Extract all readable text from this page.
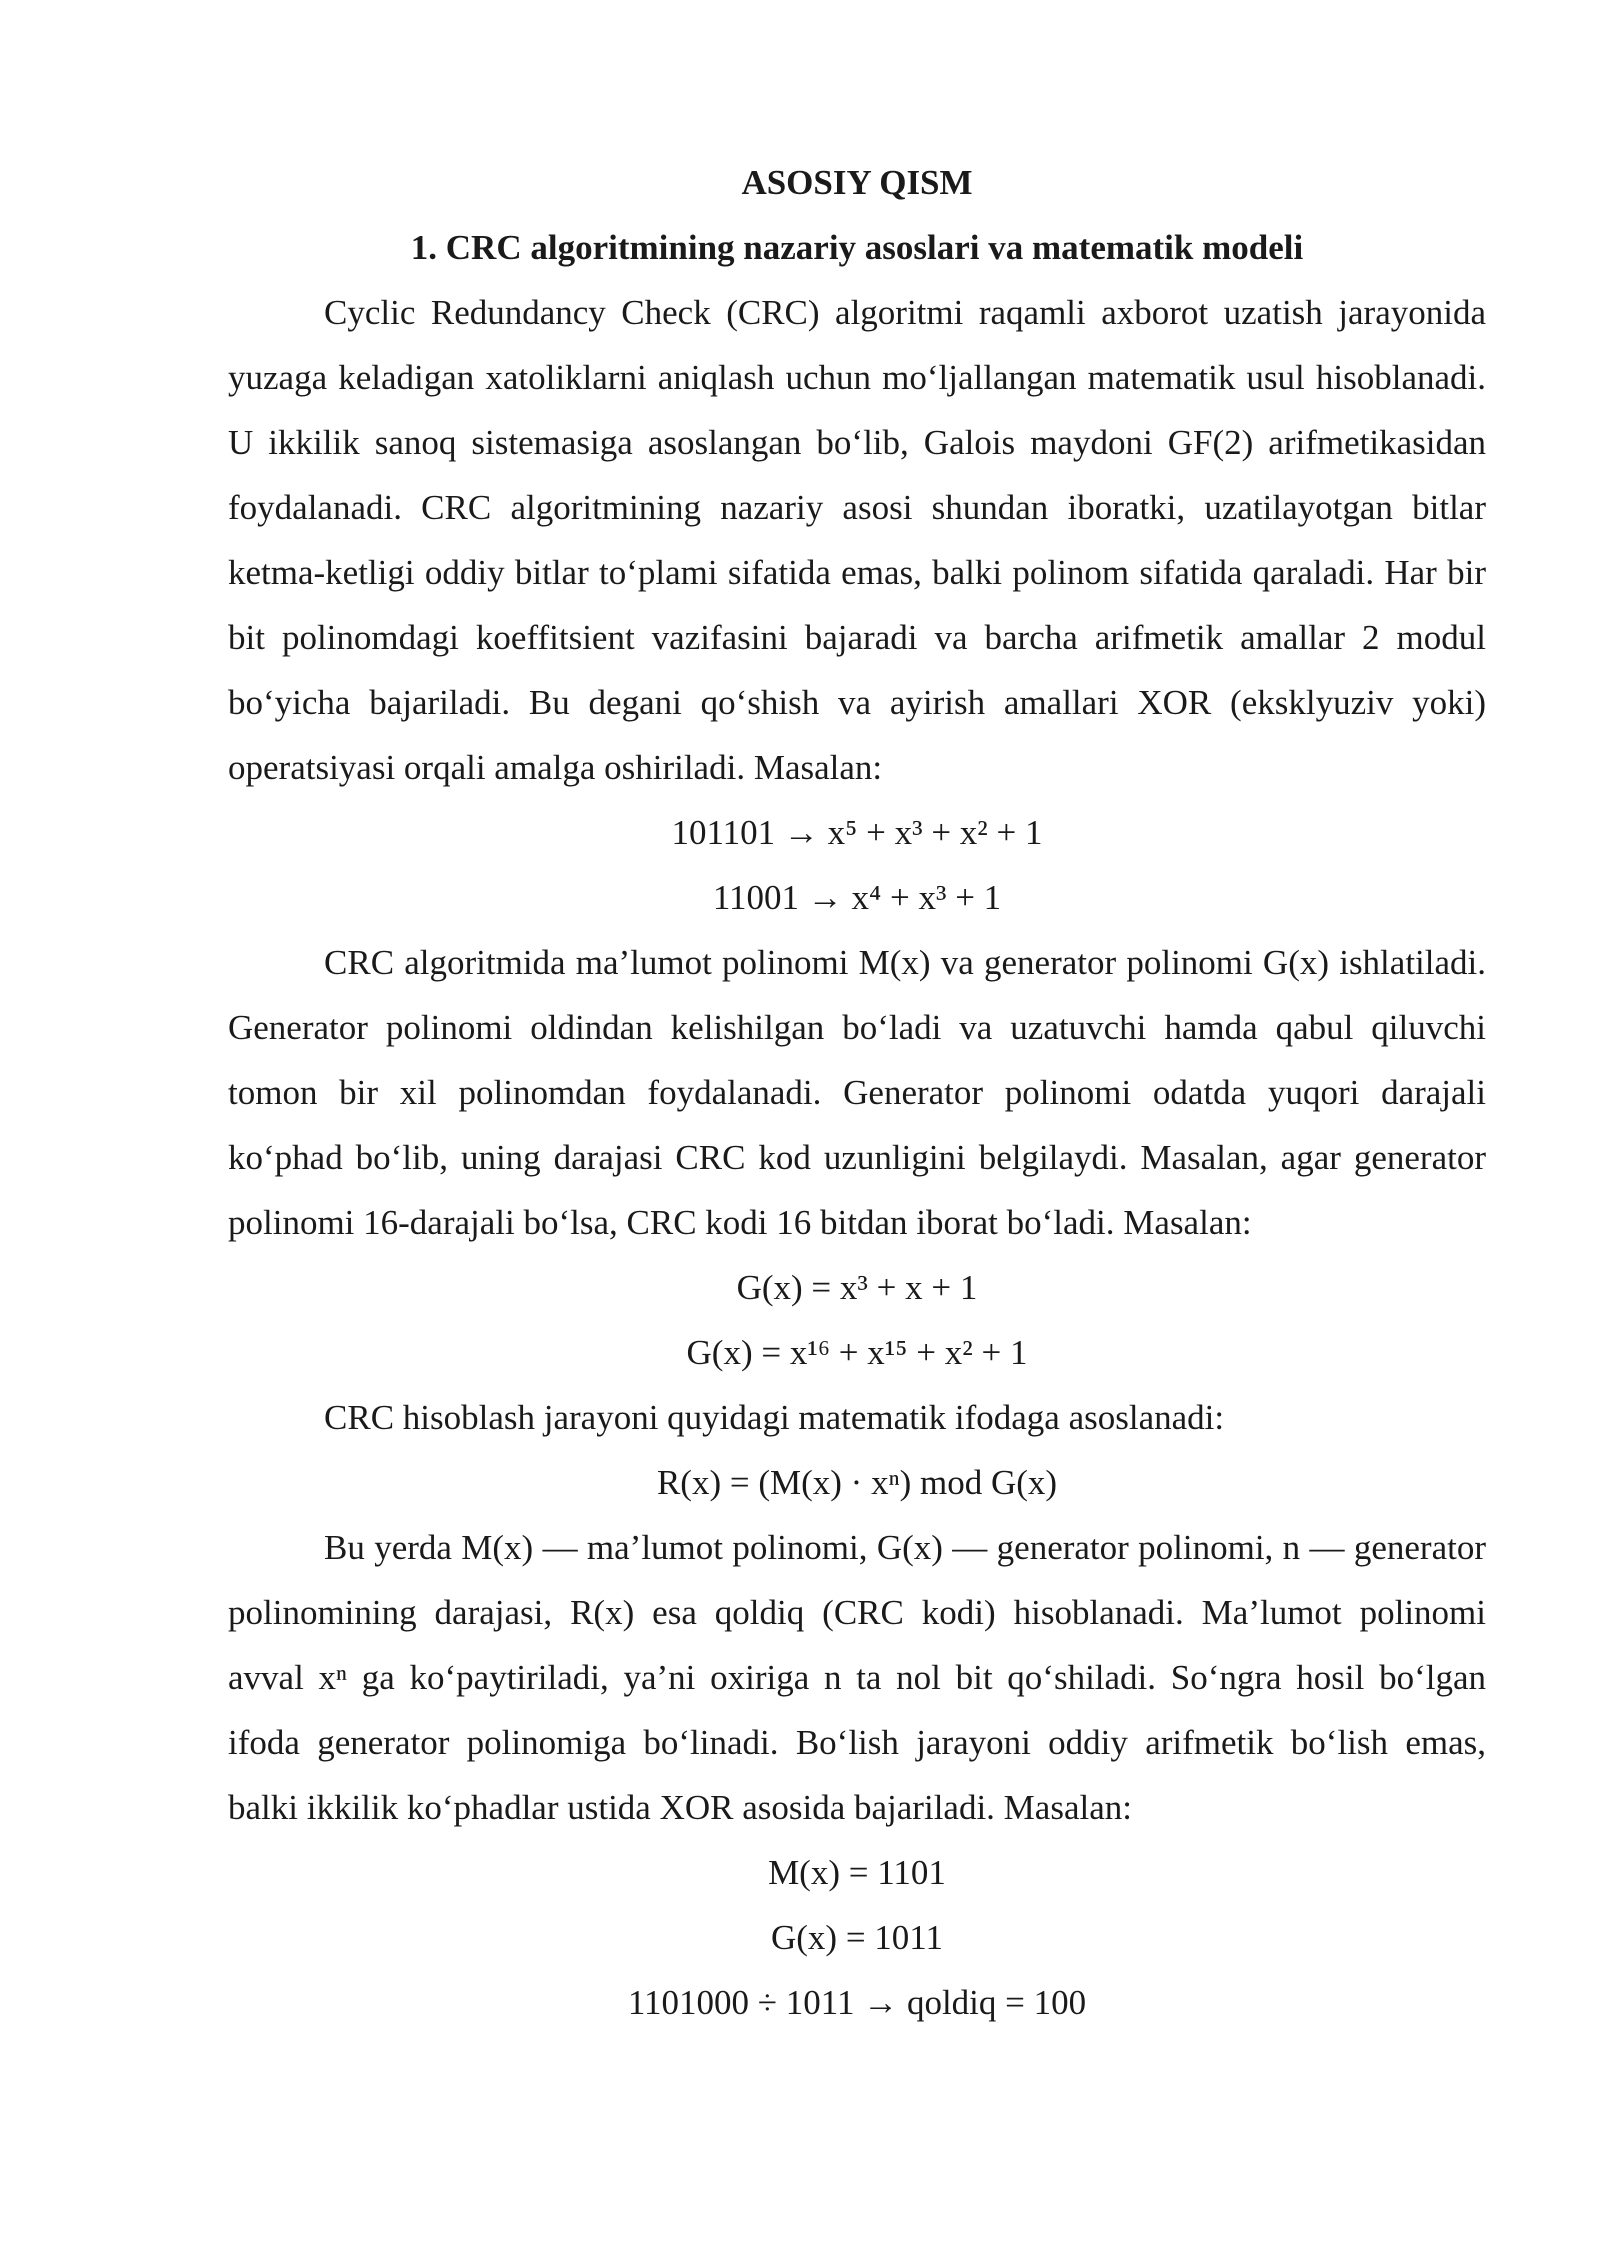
ASOSIY QISM

1. CRC algoritmining nazariy asoslari va matematik modeli

Cyclic Redundancy Check (CRC) algoritmi raqamli axborot uzatish jarayonida yuzaga keladigan xatoliklarni aniqlash uchun mo‘ljallangan matematik usul hisoblanadi. U ikkilik sanoq sistemasiga asoslangan bo‘lib, Galois maydoni GF(2) arifmetikasidan foydalanadi. CRC algoritmining nazariy asosi shundan iboratki, uzatilayotgan bitlar ketma-ketligi oddiy bitlar to‘plami sifatida emas, balki polinom sifatida qaraladi. Har bir bit polinomdagi koeffitsient vazifasini bajaradi va barcha arifmetik amallar 2 modul bo‘yicha bajariladi. Bu degani qo‘shish va ayirish amallari XOR (eksklyuziv yoki) operatsiyasi orqali amalga oshiriladi. Masalan:

101101 → x⁵ + x³ + x² + 1

11001 → x⁴ + x³ + 1

CRC algoritmida ma’lumot polinomi M(x) va generator polinomi G(x) ishlatiladi. Generator polinomi oldindan kelishilgan bo‘ladi va uzatuvchi hamda qabul qiluvchi tomon bir xil polinomdan foydalanadi. Generator polinomi odatda yuqori darajali ko‘phad bo‘lib, uning darajasi CRC kod uzunligini belgilaydi. Masalan, agar generator polinomi 16-darajali bo‘lsa, CRC kodi 16 bitdan iborat bo‘ladi. Masalan:

G(x) = x³ + x + 1

G(x) = x¹⁶ + x¹⁵ + x² + 1

CRC hisoblash jarayoni quyidagi matematik ifodaga asoslanadi:

R(x) = (M(x) · xⁿ) mod G(x)

Bu yerda M(x) — ma’lumot polinomi, G(x) — generator polinomi, n — generator polinomining darajasi, R(x) esa qoldiq (CRC kodi) hisoblanadi. Ma’lumot polinomi avval xⁿ ga ko‘paytiriladi, ya’ni oxiriga n ta nol bit qo‘shiladi. So‘ngra hosil bo‘lgan ifoda generator polinomiga bo‘linadi. Bo‘lish jarayoni oddiy arifmetik bo‘lish emas, balki ikkilik ko‘phadlar ustida XOR asosida bajariladi. Masalan:

M(x) = 1101

G(x) = 1011

1101000 ÷ 1011 → qoldiq = 100
